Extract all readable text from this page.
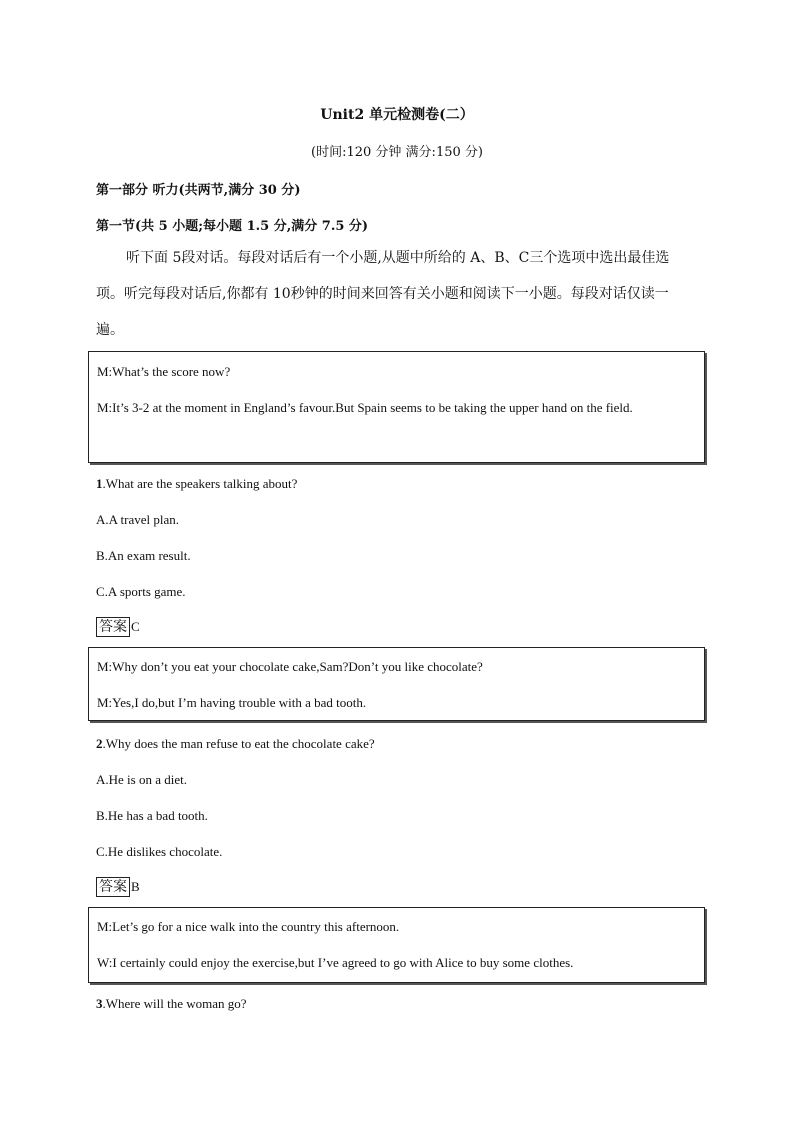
Unit2 单元检测卷(二）
(时间:120 分钟 满分:150 分)
第一部分 听力(共两节,满分 30 分)
第一节(共 5 小题;每小题 1.5 分,满分 7.5 分)
听下面 5段对话。每段对话后有一个小题,从题中所给的 A、B、C三个选项中选出最佳选项。听完每段对话后,你都有 10秒钟的时间来回答有关小题和阅读下一小题。每段对话仅读一遍。
M:What’s the score now?
M:It’s 3-2 at the moment in England’s favour.But Spain seems to be taking the upper hand on the field.
1.What are the speakers talking about?
A.A travel plan.
B.An exam result.
C.A sports game.
答案 C
M:Why don’t you eat your chocolate cake,Sam?Don’t you like chocolate?
M:Yes,I do,but I’m having trouble with a bad tooth.
2.Why does the man refuse to eat the chocolate cake?
A.He is on a diet.
B.He has a bad tooth.
C.He dislikes chocolate.
答案 B
M:Let’s go for a nice walk into the country this afternoon.
W:I certainly could enjoy the exercise,but I’ve agreed to go with Alice to buy some clothes.
3.Where will the woman go?
